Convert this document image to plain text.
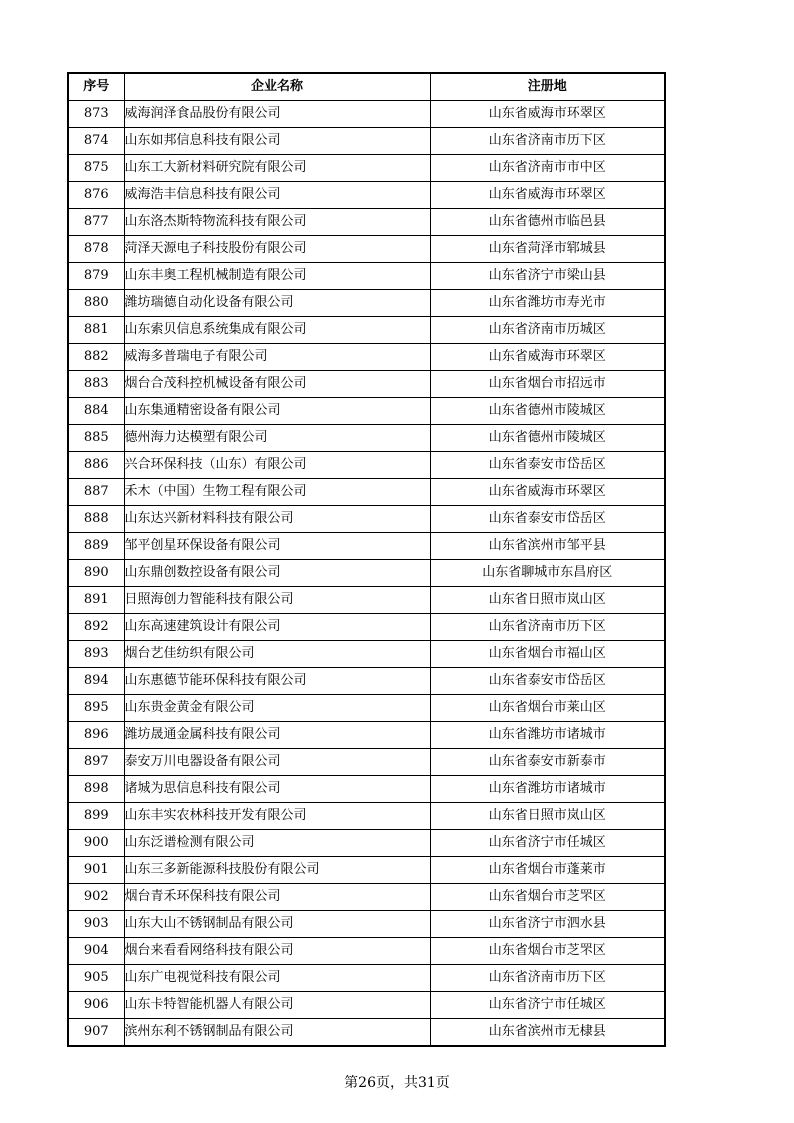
序号	企业名称	注册地
873	威海润泽食品股份有限公司	山东省威海市环翠区
874	山东如邦信息科技有限公司	山东省济南市历下区
875	山东工大新材料研究院有限公司	山东省济南市市中区
876	威海浩丰信息科技有限公司	山东省威海市环翠区
877	山东洛杰斯特物流科技有限公司	山东省德州市临邑县
878	菏泽天源电子科技股份有限公司	山东省菏泽市郓城县
879	山东丰奥工程机械制造有限公司	山东省济宁市梁山县
880	潍坊瑞德自动化设备有限公司	山东省潍坊市寿光市
881	山东索贝信息系统集成有限公司	山东省济南市历城区
882	威海多普瑞电子有限公司	山东省威海市环翠区
883	烟台合茂科控机械设备有限公司	山东省烟台市招远市
884	山东集通精密设备有限公司	山东省德州市陵城区
885	德州海力达模塑有限公司	山东省德州市陵城区
886	兴合环保科技（山东）有限公司	山东省泰安市岱岳区
887	禾木（中国）生物工程有限公司	山东省威海市环翠区
888	山东达兴新材料科技有限公司	山东省泰安市岱岳区
889	邹平创星环保设备有限公司	山东省滨州市邹平县
890	山东鼎创数控设备有限公司	山东省聊城市东昌府区
891	日照海创力智能科技有限公司	山东省日照市岚山区
892	山东高速建筑设计有限公司	山东省济南市历下区
893	烟台艺佳纺织有限公司	山东省烟台市福山区
894	山东惠德节能环保科技有限公司	山东省泰安市岱岳区
895	山东贵金黄金有限公司	山东省烟台市莱山区
896	潍坊晟通金属科技有限公司	山东省潍坊市诸城市
897	泰安万川电器设备有限公司	山东省泰安市新泰市
898	诸城为思信息科技有限公司	山东省潍坊市诸城市
899	山东丰实农林科技开发有限公司	山东省日照市岚山区
900	山东泛谱检测有限公司	山东省济宁市任城区
901	山东三多新能源科技股份有限公司	山东省烟台市蓬莱市
902	烟台青禾环保科技有限公司	山东省烟台市芝罘区
903	山东大山不锈钢制品有限公司	山东省济宁市泗水县
904	烟台来看看网络科技有限公司	山东省烟台市芝罘区
905	山东广电视觉科技有限公司	山东省济南市历下区
906	山东卡特智能机器人有限公司	山东省济宁市任城区
907	滨州东利不锈钢制品有限公司	山东省滨州市无棣县
第26页，共31页
